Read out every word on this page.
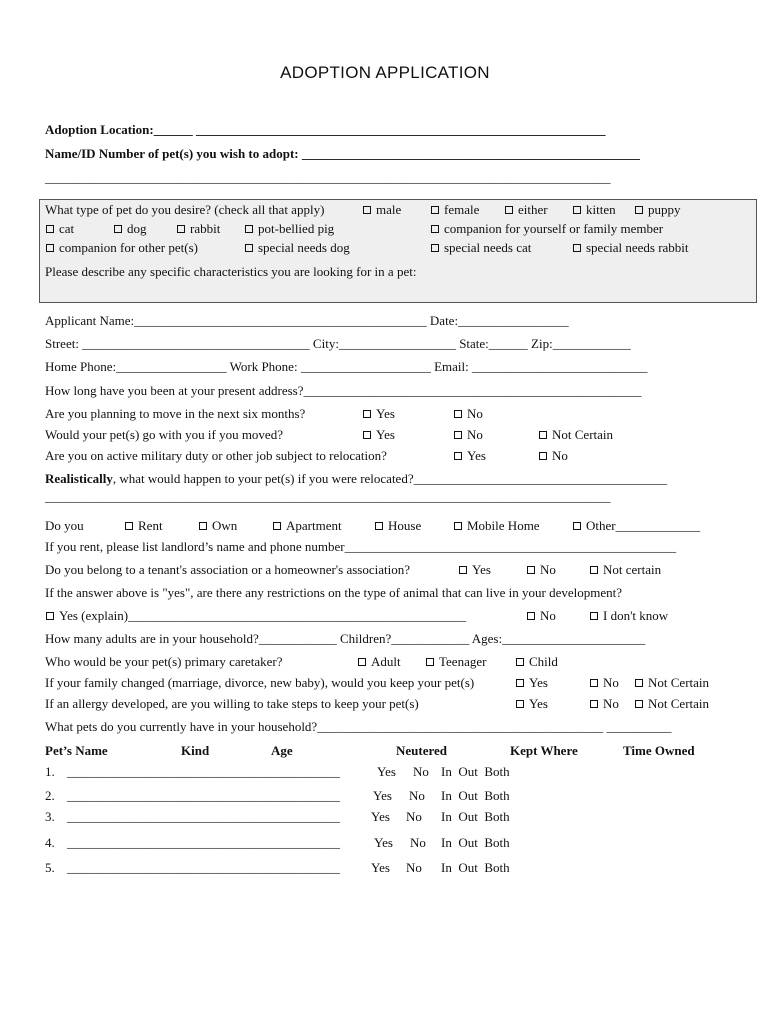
ADOPTION APPLICATION
Adoption Location:______ _______________________________________________________________
Name/ID Number of pet(s) you wish to adopt: ____________________________________________________
_______________________________________________________________________________________
What type of pet do you desire? (check all that apply)	male	female	either	kitten	puppy
cat	dog	rabbit	pot-bellied pig	companion for yourself or family member
companion for other pet(s)	special needs dog	special needs cat	special needs rabbit
Please describe any specific characteristics you are looking for in a pet:
Applicant Name:_____________________________________________ Date:_________________
Street: ___________________________________ City:__________________ State:______ Zip:____________
Home Phone:_________________ Work Phone: ____________________ Email: ___________________________
How long have you been at your present address?____________________________________________________
Are you planning to move in the next six months?	Yes	No
Would your pet(s) go with you if you moved?	Yes	No	Not Certain
Are you on active military duty or other job subject to relocation?	Yes	No
Realistically, what would happen to your pet(s) if you were relocated?_______________________________________
_______________________________________________________________________________________
Do you	Rent	Own	Apartment	House	Mobile Home	Other_____________
If you rent, please list landlord’s name and phone number___________________________________________________
Do you belong to a tenant's association or a homeowner's association?	Yes	No	Not certain
If the answer above is "yes", are there any restrictions on the type of animal that can live in your development?
Yes (explain)____________________________________________________	No	I don't know
How many adults are in your household?____________ Children?____________ Ages:______________________
Who would be your pet(s) primary caretaker?	Adult	Teenager	Child
If your family changed (marriage, divorce, new baby), would you keep your pet(s)	Yes	No	Not Certain
If an allergy developed, are you willing to take steps to keep your pet(s)	Yes	No	Not Certain
What pets do you currently have in your household?____________________________________________ __________
Pet’s Name	Kind	Age	Neutered	Kept Where	Time Owned
1. __________________________________________	Yes No In  Out  Both
2. __________________________________________	Yes No In  Out  Both
3. __________________________________________ Yes No In  Out  Both
4. __________________________________________	Yes No In  Out  Both
5. __________________________________________ Yes No In  Out  Both
